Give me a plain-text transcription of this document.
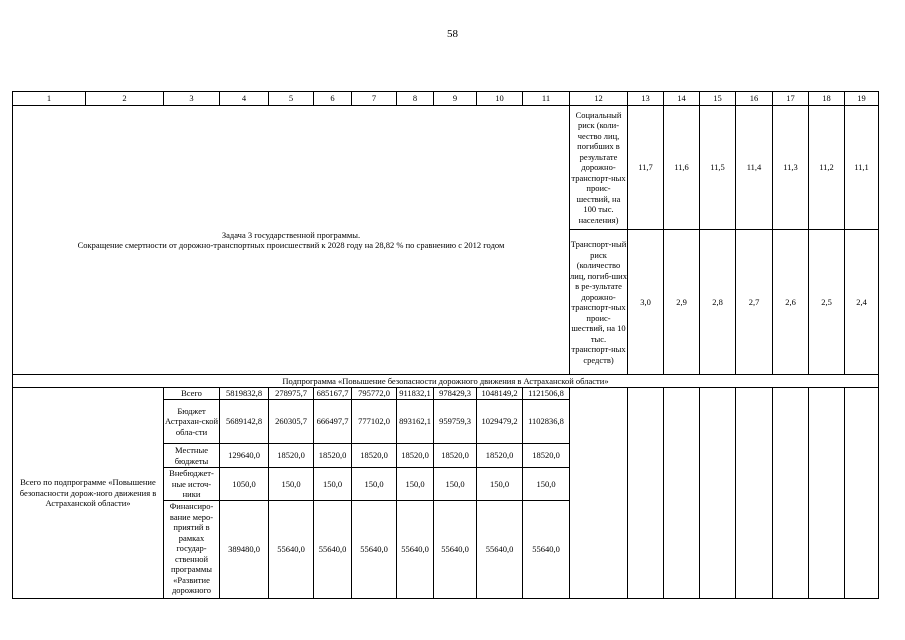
58
1	2	3	4	5	6	7	8	9	10	11	12	13	14	15	16	17	18	19

Задача 3 государственной программы.
Сокращение смертности от дорожно-транспортных происшествий к 2028 году на 28,82 % по сравнению с 2012 годом											Социальный риск (коли-чество лиц, погибших в результате дорожно-транспорт-ных проис-шествий, на 100 тыс. населения)	11,7	11,6	11,5	11,4	11,3	11,2	11,1
											Транспорт-ный риск (количество лиц, погиб-ших в ре-зультате дорожно-транспорт-ных проис-шествий, на 10 тыс. транспорт-ных средств)	3,0	2,9	2,8	2,7	2,6	2,5	2,4
Подпрограмма «Повышение безопасности дорожного движения в Астраханской области»																		
Всего по подпрограмме «Повышение безопасности дорож-ного движения в Астраханской области»		Всего	5819832,8	278975,7	685167,7	795772,0	911832,1	978429,3	1048149,2	1121506,8								
		Бюджет Астрахан-ской обла-сти	5689142,8	260305,7	666497,7	777102,0	893162,1	959759,3	1029479,2	1102836,8								
		Местные бюджеты	129640,0	18520,0	18520,0	18520,0	18520,0	18520,0	18520,0	18520,0								
		Внебюджет-ные источ-ники	1050,0	150,0	150,0	150,0	150,0	150,0	150,0	150,0								
		Финансиро-вание меро-приятий в рамках государ-ственной программы «Развитие дорожного	389480,0	55640,0	55640,0	55640,0	55640,0	55640,0	55640,0	55640,0								
